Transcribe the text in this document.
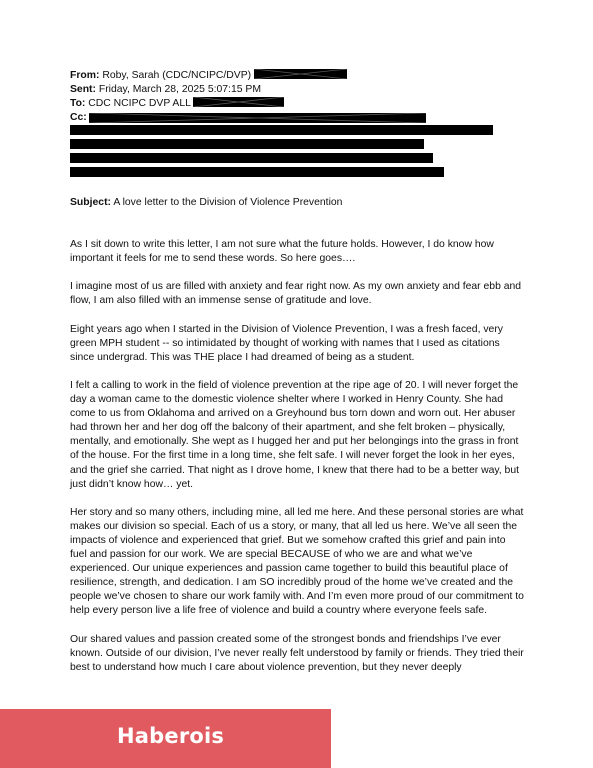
From: Roby, Sarah (CDC/NCIPC/DVP)
Sent: Friday, March 28, 2025 5:07:15 PM
To: CDC NCIPC DVP ALL
Cc:
Subject: A love letter to the Division of Violence Prevention

As I sit down to write this letter, I am not sure what the future holds. However, I do know how important it feels for me to send these words. So here goes….

I imagine most of us are filled with anxiety and fear right now. As my own anxiety and fear ebb and flow, I am also filled with an immense sense of gratitude and love.

Eight years ago when I started in the Division of Violence Prevention, I was a fresh faced, very green MPH student -- so intimidated by thought of working with names that I used as citations since undergrad. This was THE place I had dreamed of being as a student.

I felt a calling to work in the field of violence prevention at the ripe age of 20. I will never forget the day a woman came to the domestic violence shelter where I worked in Henry County. She had come to us from Oklahoma and arrived on a Greyhound bus torn down and worn out. Her abuser had thrown her and her dog off the balcony of their apartment, and she felt broken – physically, mentally, and emotionally. She wept as I hugged her and put her belongings into the grass in front of the house. For the first time in a long time, she felt safe. I will never forget the look in her eyes, and the grief she carried. That night as I drove home, I knew that there had to be a better way, but just didn’t know how… yet.

Her story and so many others, including mine, all led me here. And these personal stories are what makes our division so special. Each of us a story, or many, that all led us here. We’ve all seen the impacts of violence and experienced that grief. But we somehow crafted this grief and pain into fuel and passion for our work. We are special BECAUSE of who we are and what we’ve experienced. Our unique experiences and passion came together to build this beautiful place of resilience, strength, and dedication. I am SO incredibly proud of the home we’ve created and the people we’ve chosen to share our work family with. And I’m even more proud of our commitment to help every person live a life free of violence and build a country where everyone feels safe.

Our shared values and passion created some of the strongest bonds and friendships I’ve ever known. Outside of our division, I’ve never really felt understood by family or friends. They tried their best to understand how much I care about violence prevention, but they never deeply

Haberois
